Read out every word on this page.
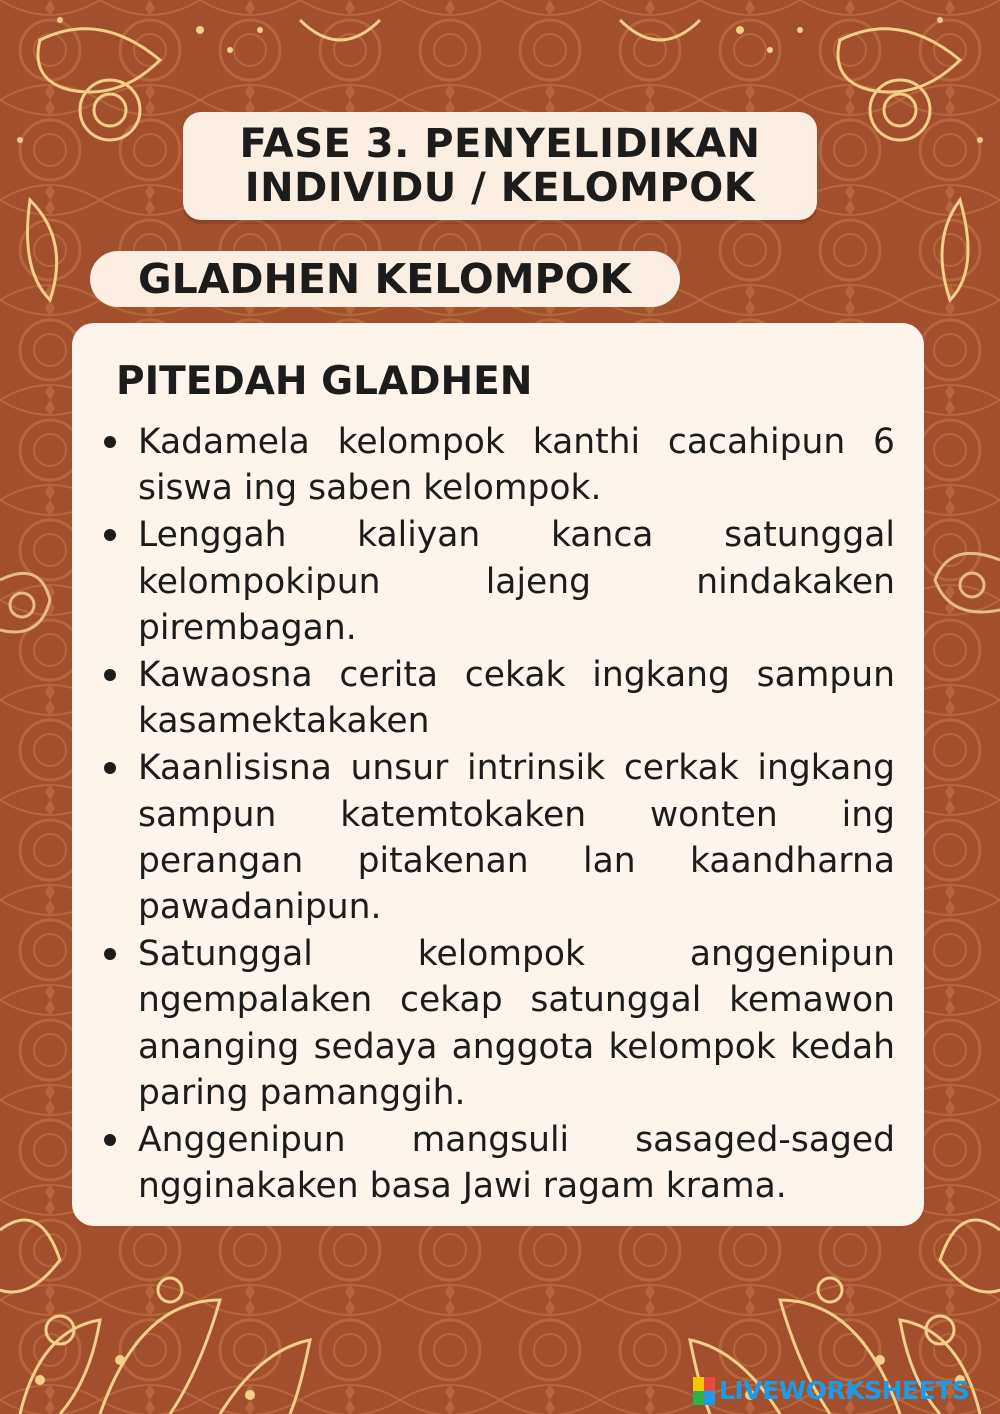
FASE 3. PENYELIDIKAN
INDIVIDU / KELOMPOK
GLADHEN KELOMPOK
PITEDAH GLADHEN
Kadamela kelompok kanthi cacahipun 6 siswa ing saben kelompok.
Lenggah kaliyan kanca satunggal kelompokipun lajeng nindakaken pirembagan.
Kawaosna cerita cekak ingkang sampun kasamektakaken
Kaanlisisna unsur intrinsik cerkak ingkang sampun katemtokaken wonten ing perangan pitakenan lan kaandharna pawadanipun.
Satunggal kelompok anggenipun ngempalaken cekap satunggal kemawon ananging sedaya anggota kelompok kedah paring pamanggih.
Anggenipun mangsuli sasaged-saged ngginakaken basa Jawi ragam krama.
LIVEWORKSHEETS
